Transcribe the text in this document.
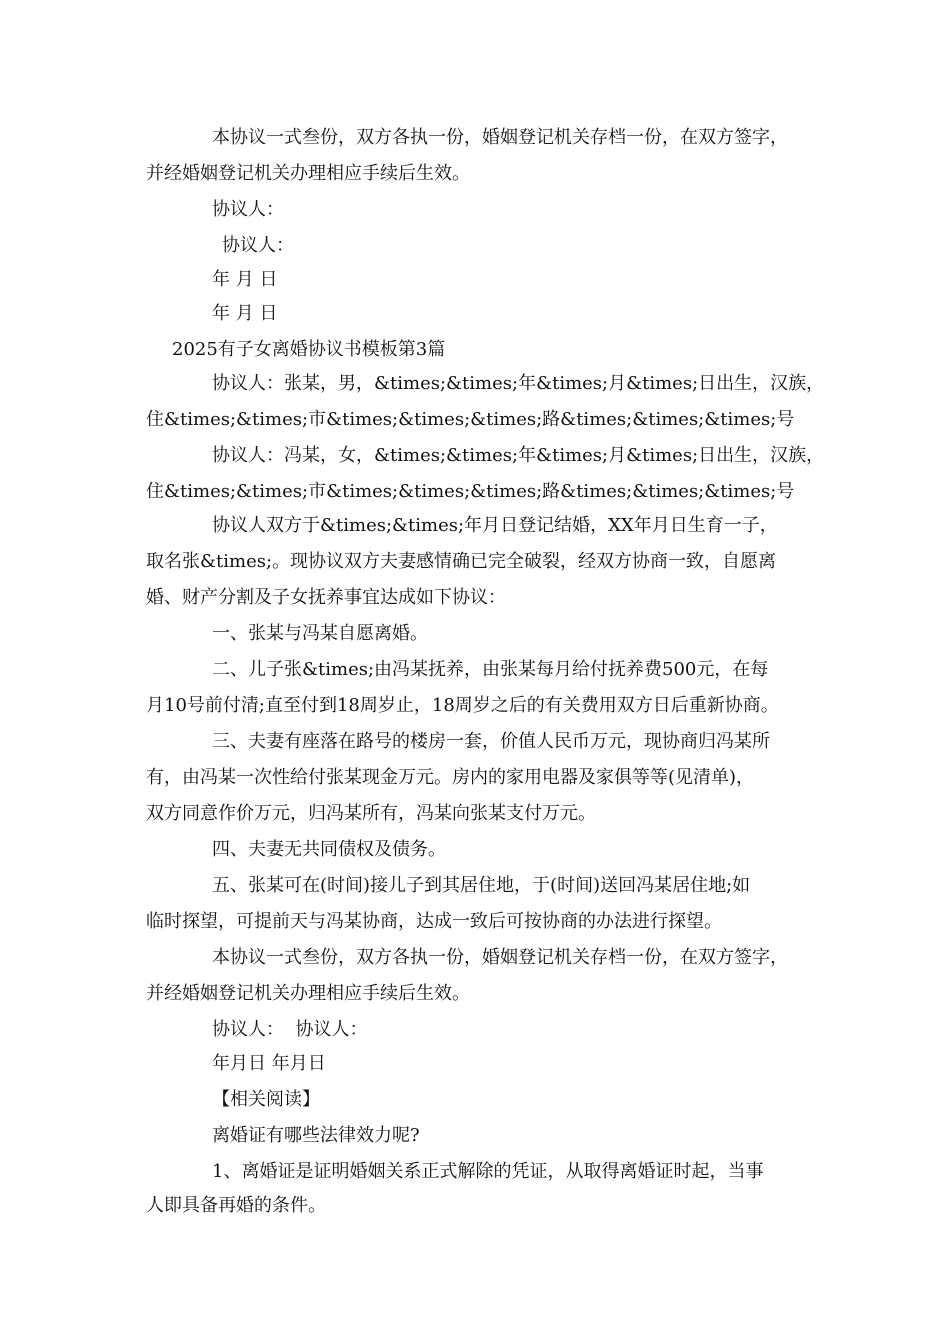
本协议一式叁份，双方各执一份，婚姻登记机关存档一份，在双方签字，
并经婚姻登记机关办理相应手续后生效。
协议人：
协议人：
年 月 日
年 月 日
2025有子女离婚协议书模板第3篇
协议人：张某，男，&times;&times;年&times;月&times;日出生，汉族，
住&times;&times;市&times;&times;&times;路&times;&times;&times;号
协议人：冯某，女，&times;&times;年&times;月&times;日出生，汉族，
住&times;&times;市&times;&times;&times;路&times;&times;&times;号
协议人双方于&times;&times;年月日登记结婚，XX年月日生育一子，
取名张&times;。现协议双方夫妻感情确已完全破裂，经双方协商一致，自愿离
婚、财产分割及子女抚养事宜达成如下协议：
一、张某与冯某自愿离婚。
二、儿子张&times;由冯某抚养，由张某每月给付抚养费500元，在每
月10号前付清;直至付到18周岁止，18周岁之后的有关费用双方日后重新协商。
三、夫妻有座落在路号的楼房一套，价值人民币万元，现协商归冯某所
有，由冯某一次性给付张某现金万元。房内的家用电器及家俱等等(见清单)，
双方同意作价万元，归冯某所有，冯某向张某支付万元。
四、夫妻无共同债权及债务。
五、张某可在(时间)接儿子到其居住地，于(时间)送回冯某居住地;如
临时探望，可提前天与冯某协商，达成一致后可按协商的办法进行探望。
本协议一式叁份，双方各执一份，婚姻登记机关存档一份，在双方签字，
并经婚姻登记机关办理相应手续后生效。
协议人：  协议人：
年月日 年月日
【相关阅读】
离婚证有哪些法律效力呢?
1、离婚证是证明婚姻关系正式解除的凭证，从取得离婚证时起，当事
人即具备再婚的条件。
